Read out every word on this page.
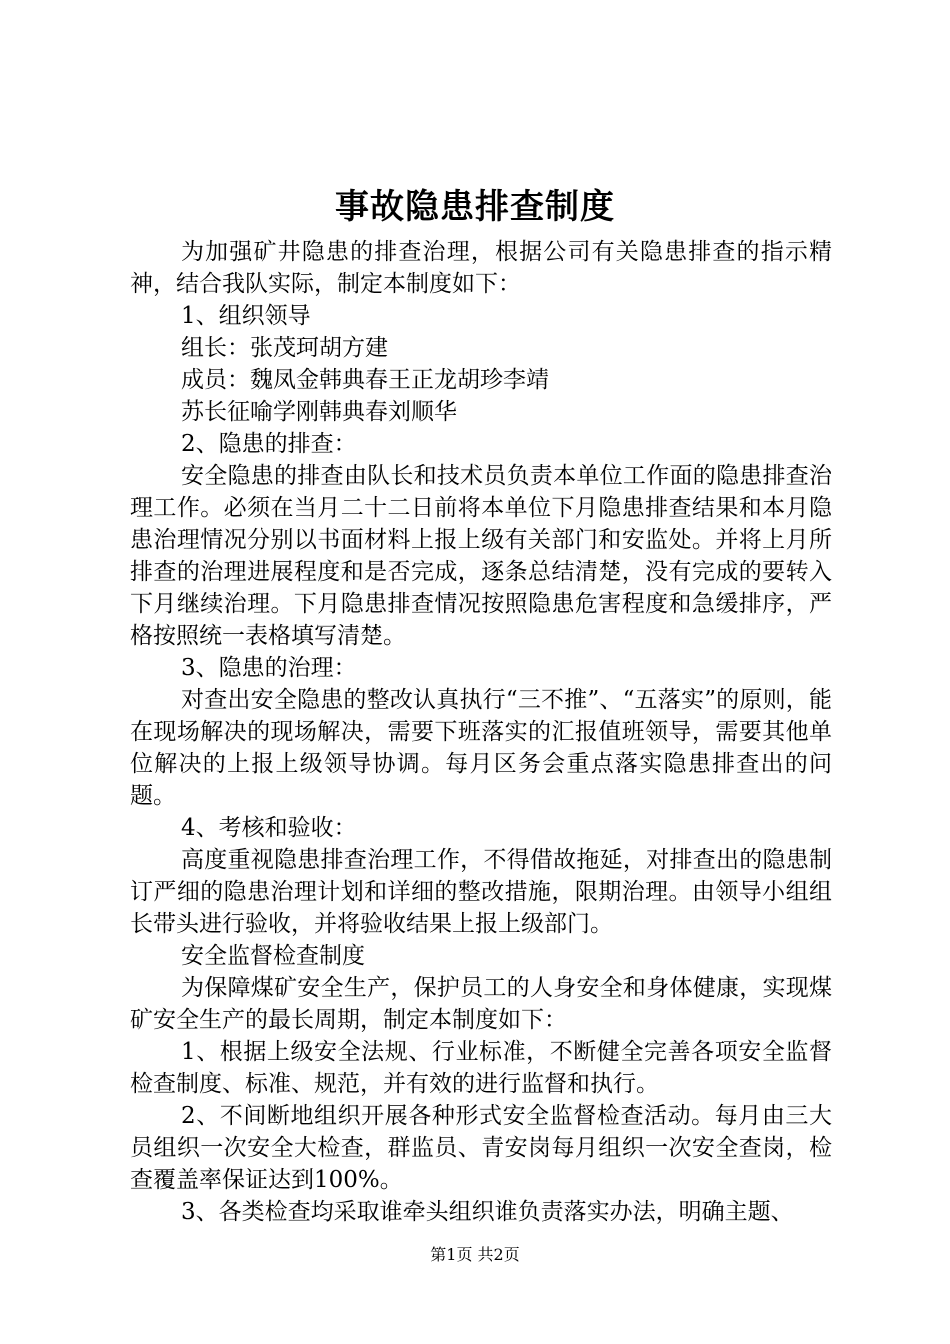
事故隐患排查制度

为加强矿井隐患的排查治理，根据公司有关隐患排查的指示精神，结合我队实际，制定本制度如下：

1、组织领导

组长：张茂珂胡方建

成员：魏凤金韩典春王正龙胡珍李靖

苏长征喻学刚韩典春刘顺华

2、隐患的排查：

安全隐患的排查由队长和技术员负责本单位工作面的隐患排查治理工作。必须在当月二十二日前将本单位下月隐患排查结果和本月隐患治理情况分别以书面材料上报上级有关部门和安监处。并将上月所排查的治理进展程度和是否完成，逐条总结清楚，没有完成的要转入下月继续治理。下月隐患排查情况按照隐患危害程度和急缓排序，严格按照统一表格填写清楚。

3、隐患的治理：

对查出安全隐患的整改认真执行“三不推”、“五落实”的原则，能在现场解决的现场解决，需要下班落实的汇报值班领导，需要其他单位解决的上报上级领导协调。每月区务会重点落实隐患排查出的问题。

4、考核和验收：

高度重视隐患排查治理工作，不得借故拖延，对排查出的隐患制订严细的隐患治理计划和详细的整改措施，限期治理。由领导小组组长带头进行验收，并将验收结果上报上级部门。

安全监督检查制度

为保障煤矿安全生产，保护员工的人身安全和身体健康，实现煤矿安全生产的最长周期，制定本制度如下：

1、根据上级安全法规、行业标准，不断健全完善各项安全监督检查制度、标准、规范，并有效的进行监督和执行。

2、不间断地组织开展各种形式安全监督检查活动。每月由三大员组织一次安全大检查，群监员、青安岗每月组织一次安全查岗，检查覆盖率保证达到100%。

3、各类检查均采取谁牵头组织谁负责落实办法，明确主题、

第1页 共2页
